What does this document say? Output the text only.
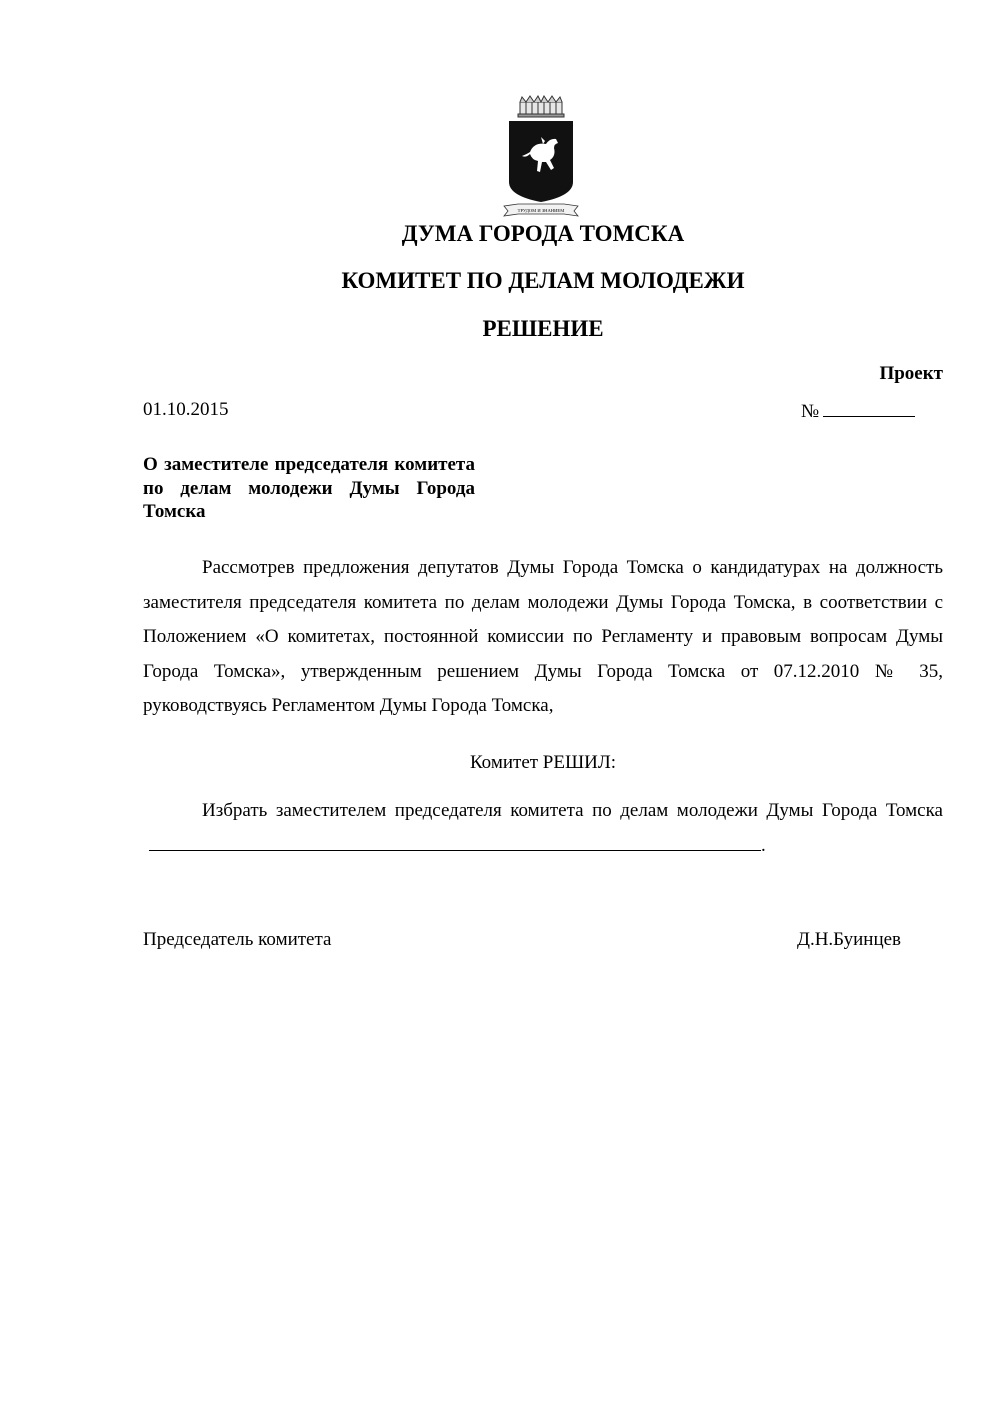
ТРУДОМ И ЗНАНИЕМ
ДУМА ГОРОДА ТОМСКА
КОМИТЕТ ПО ДЕЛАМ МОЛОДЕЖИ
РЕШЕНИЕ
Проект
01.10.2015	№
О заместителе председателя комитета по делам молодежи Думы Города Томска
Рассмотрев предложения депутатов Думы Города Томска о кандидатурах на должность заместителя председателя комитета по делам молодежи Думы Города Томска, в соответствии с Положением «О комитетах, постоянной комиссии по Регламенту и правовым вопросам Думы Города Томска», утвержденным решением Думы Города Томска от 07.12.2010 № 35, руководствуясь Регламентом Думы Города Томска,
Комитет РЕШИЛ:
Избрать заместителем председателя комитета по делам молодежи Думы Города Томска.
Председатель комитета	Д.Н.Буинцев
